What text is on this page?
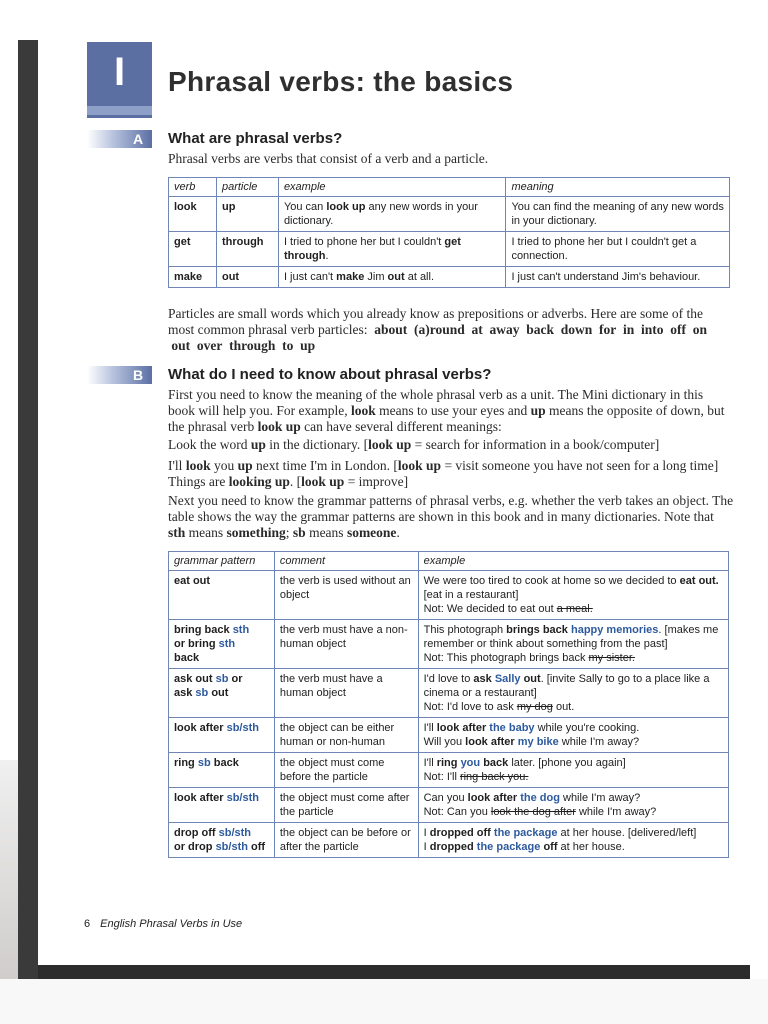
I	Phrasal verbs: the basics
A What are phrasal verbs?

Phrasal verbs are verbs that consist of a verb and a particle.

verb	particle	example	meaning
look	up	You can look up any new words in your dictionary.	You can find the meaning of any new words in your dictionary.
get	through	I tried to phone her but I couldn't get through.	I tried to phone her but I couldn't get a connection.
make	out	I just can't make Jim out at all.	I just can't understand Jim's behaviour.

Particles are small words which you already know as prepositions or adverbs. Here are some of the most common phrasal verb particles: about (a)round at away back down for in into off on  out over through to up

B What do I need to know about phrasal verbs?

First you need to know the meaning of the whole phrasal verb as a unit. The Mini dictionary in this book will help you. For example, look means to use your eyes and up means the opposite of down, but the phrasal verb look up can have several different meanings:

Look the word up in the dictionary. [look up = search for information in a book/computer]

I'll look you up next time I'm in London. [look up = visit someone you have not seen for a long time] Things are looking up. [look up = improve]

Next you need to know the grammar patterns of phrasal verbs, e.g. whether the verb takes an object. The table shows the way the grammar patterns are shown in this book and in many dictionaries. Note that sth means something; sb means someone.

grammar pattern	comment	example
eat out	the verb is used without an object	We were too tired to cook at home so we decided to eat out. [eat in a restaurant]
Not: We decided to eat out a meal.
bring back sth
or bring sth
back	the verb must have a non-human object	This photograph brings back happy memories. [makes me remember or think about something from the past]
Not: This photograph brings back my sister.
ask out sb or
ask sb out	the verb must have a human object	I'd love to ask Sally out. [invite Sally to go to a place like a cinema or a restaurant]
Not: I'd love to ask my dog out.
look after sb/sth	the object can be either human or non-human	I'll look after the baby while you're cooking.
Will you look after my bike while I'm away?
ring sb back	the object must come before the particle	I'll ring you back later. [phone you again]
Not: I'll ring back you.
look after sb/sth	the object must come after the particle	Can you look after the dog while I'm away?
Not: Can you look the dog after while I'm away?
drop off sb/sth
or drop sb/sth off	the object can be before or after the particle	I dropped off the package at her house. [delivered/left]
I dropped the package off at her house.
6 English Phrasal Verbs in Use
